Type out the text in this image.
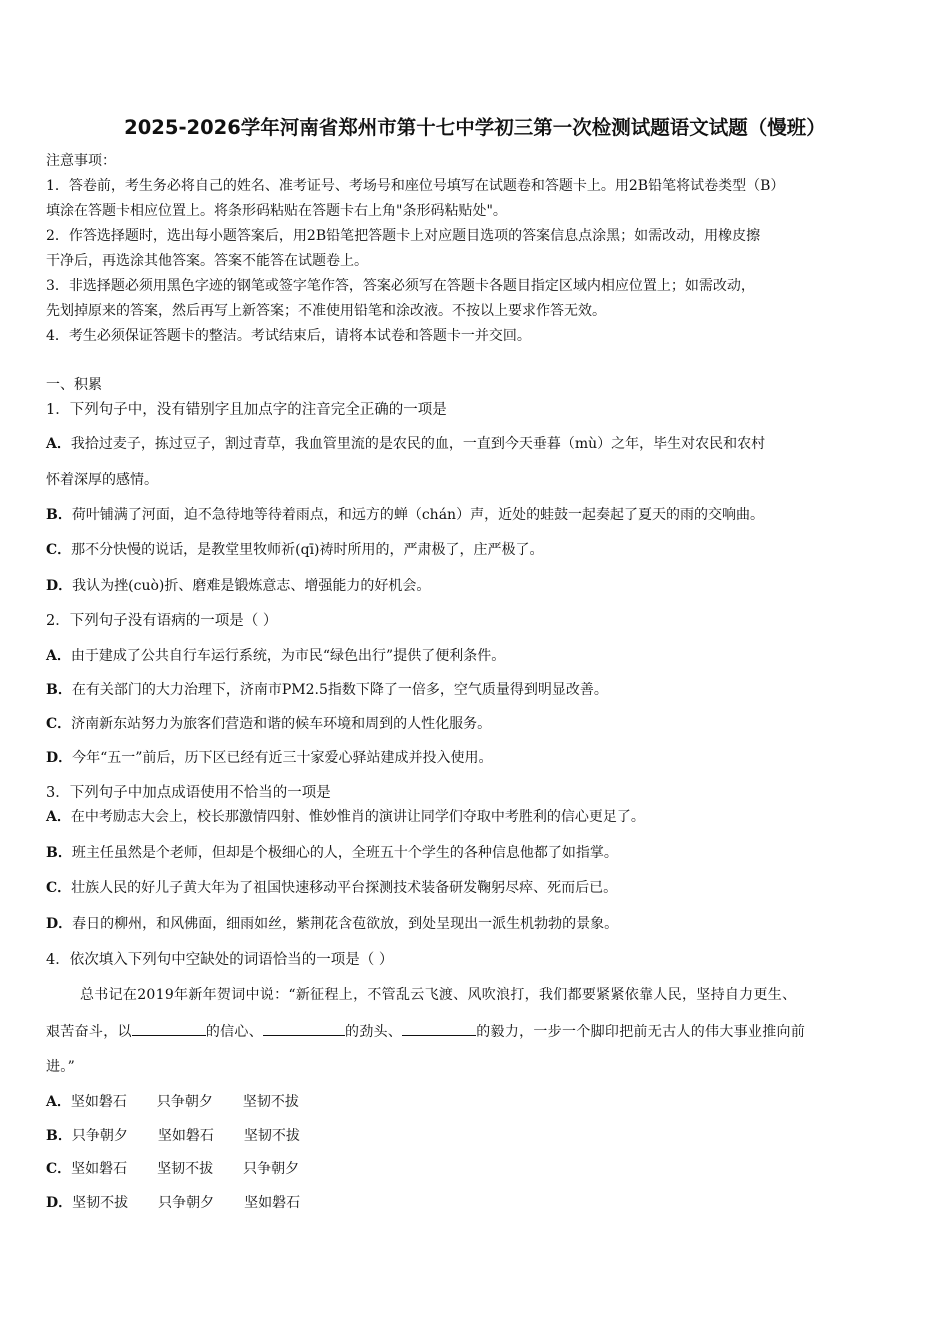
2025-2026学年河南省郑州市第十七中学初三第一次检测试题语文试题（慢班）
注意事项：
1．答卷前，考生务必将自己的姓名、准考证号、考场号和座位号填写在试题卷和答题卡上。用2B铅笔将试卷类型（B）
填涂在答题卡相应位置上。将条形码粘贴在答题卡右上角"条形码粘贴处"。
2．作答选择题时，选出每小题答案后，用2B铅笔把答题卡上对应题目选项的答案信息点涂黑；如需改动，用橡皮擦
干净后，再选涂其他答案。答案不能答在试题卷上。
3．非选择题必须用黑色字迹的钢笔或签字笔作答，答案必须写在答题卡各题目指定区域内相应位置上；如需改动，
先划掉原来的答案，然后再写上新答案；不准使用铅笔和涂改液。不按以上要求作答无效。
4．考生必须保证答题卡的整洁。考试结束后，请将本试卷和答题卡一并交回。
一、积累
1．下列句子中，没有错别字且加点字的注音完全正确的一项是
A．我拾过麦子，拣过豆子，割过青草，我血管里流的是农民的血，一直到今天垂暮（mù）之年，毕生对农民和农村
怀着深厚的感情。
B．荷叶铺满了河面，迫不急待地等待着雨点，和远方的蝉（chán）声，近处的蛙鼓一起奏起了夏天的雨的交响曲。
C．那不分快慢的说话，是教堂里牧师祈(qī)祷时所用的，严肃极了，庄严极了。
D．我认为挫(cuò)折、磨难是锻炼意志、增强能力的好机会。
2．下列句子没有语病的一项是（ ）
A．由于建成了公共自行车运行系统，为市民“绿色出行”提供了便利条件。
B．在有关部门的大力治理下，济南市PM2.5指数下降了一倍多，空气质量得到明显改善。
C．济南新东站努力为旅客们营造和谐的候车环境和周到的人性化服务。
D．今年“五一”前后，历下区已经有近三十家爱心驿站建成并投入使用。
3．下列句子中加点成语使用不恰当的一项是
A．在中考励志大会上，校长那激情四射、惟妙惟肖的演讲让同学们夺取中考胜利的信心更足了。
B．班主任虽然是个老师，但却是个极细心的人，全班五十个学生的各种信息他都了如指掌。
C．壮族人民的好儿子黄大年为了祖国快速移动平台探测技术装备研发鞠躬尽瘁、死而后已。
D．春日的柳州，和风佛面，细雨如丝，紫荆花含苞欲放，到处呈现出一派生机勃勃的景象。
4．依次填入下列句中空缺处的词语恰当的一项是（ ）
总书记在2019年新年贺词中说：“新征程上，不管乱云飞渡、风吹浪打，我们都要紧紧依靠人民，坚持自力更生、
艰苦奋斗，以	的信心、	的劲头、	的毅力，一步一个脚印把前无古人的伟大事业推向前
进。”
A．坚如磐石 只争朝夕 坚韧不拔
B．只争朝夕 坚如磐石 坚韧不拔
C．坚如磐石 坚韧不拔 只争朝夕
D．坚韧不拔 只争朝夕 坚如磐石
